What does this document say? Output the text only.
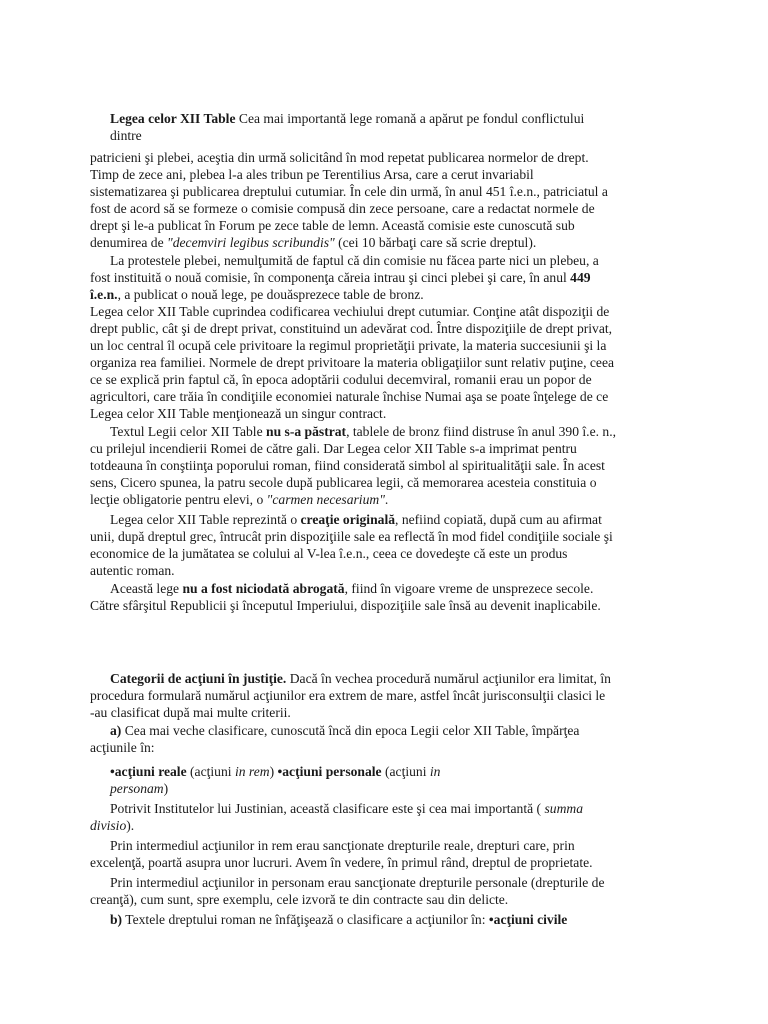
Legea celor XII Table Cea mai importantă lege romană a apărut pe fondul conflictului
dintre
patricieni şi plebei, aceştia din urmă solicitând în mod repetat publicarea normelor de drept.
Timp de zece ani, plebea l-a ales tribun pe Terentilius Arsa, care a cerut invariabil
sistematizarea şi publicarea dreptului cutumiar. În cele din urmă, în anul 451 î.e.n., patriciatul a
fost de acord să se formeze o comisie compusă din zece persoane, care a redactat normele de
drept şi le-a publicat în Forum pe zece table de lemn. Această comisie este cunoscută sub
denumirea de "decemviri legibus scribundis" (cei 10 bărbaţi care să scrie dreptul).
La protestele plebei, nemulţumită de faptul că din comisie nu făcea parte nici un plebeu, a
fost instituită o nouă comisie, în componenţa căreia intrau şi cinci plebei şi care, în anul 449
î.e.n., a publicat o nouă lege, pe douăsprezece table de bronz.
Legea celor XII Table cuprindea codificarea vechiului drept cutumiar. Conţine atât dispoziţii de
drept public, cât şi de drept privat, constituind un adevărat cod. Între dispoziţiile de drept privat,
un loc central îl ocupă cele privitoare la regimul proprietăţii private, la materia succesiunii şi la
organiza rea familiei. Normele de drept privitoare la materia obligaţiilor sunt relativ puţine, ceea
ce se explică prin faptul că, în epoca adoptării codului decemviral, romanii erau un popor de
agricultori, care trăia în condiţiile economiei naturale închise Numai aşa se poate înţelege de ce
Legea celor XII Table menţionează un singur contract.
Textul Legii celor XII Table nu s-a păstrat, tablele de bronz fiind distruse în anul 390 î.e. n.,
cu prilejul incendierii Romei de către gali. Dar Legea celor XII Table s-a imprimat pentru
totdeauna în conştiinţa poporului roman, fiind considerată simbol al spiritualităţii sale. În acest
sens, Cicero spunea, la patru secole după publicarea legii, că memorarea acesteia constituia o
lecţie obligatorie pentru elevi, o "carmen necesarium".
Legea celor XII Table reprezintă o creaţie originală, nefiind copiată, după cum au afirmat
unii, după dreptul grec, întrucât prin dispoziţiile sale ea reflectă în mod fidel condiţiile sociale şi
economice de la jumătatea se colului al V-lea î.e.n., ceea ce dovedeşte că este un produs
autentic roman.
Această lege nu a fost niciodată abrogată, fiind în vigoare vreme de unsprezece secole.
Către sfârşitul Republicii şi începutul Imperiului, dispoziţiile sale însă au devenit inaplicabile.
Categorii de acţiuni în justiţie. Dacă în vechea procedură numărul acţiunilor era limitat, în
procedura formulară numărul acţiunilor era extrem de mare, astfel încât jurisconsulţii clasici le
-au clasificat după mai multe criterii.
a) Cea mai veche clasificare, cunoscută încă din epoca Legii celor XII Table, împărţea
acţiunile în:
•acţiuni reale (acţiuni in rem) •acţiuni personale (acţiuni in
personam)
Potrivit Institutelor lui Justinian, această clasificare este şi cea mai importantă ( summa
divisio).
Prin intermediul acţiunilor in rem erau sancţionate drepturile reale, drepturi care, prin
excelenţă, poartă asupra unor lucruri. Avem în vedere, în primul rând, dreptul de proprietate.
Prin intermediul acţiunilor in personam erau sancţionate drepturile personale (drepturile de
creanţă), cum sunt, spre exemplu, cele izvoră te din contracte sau din delicte.
b) Textele dreptului roman ne înfăţişează o clasificare a acţiunilor în: •acţiuni civile
